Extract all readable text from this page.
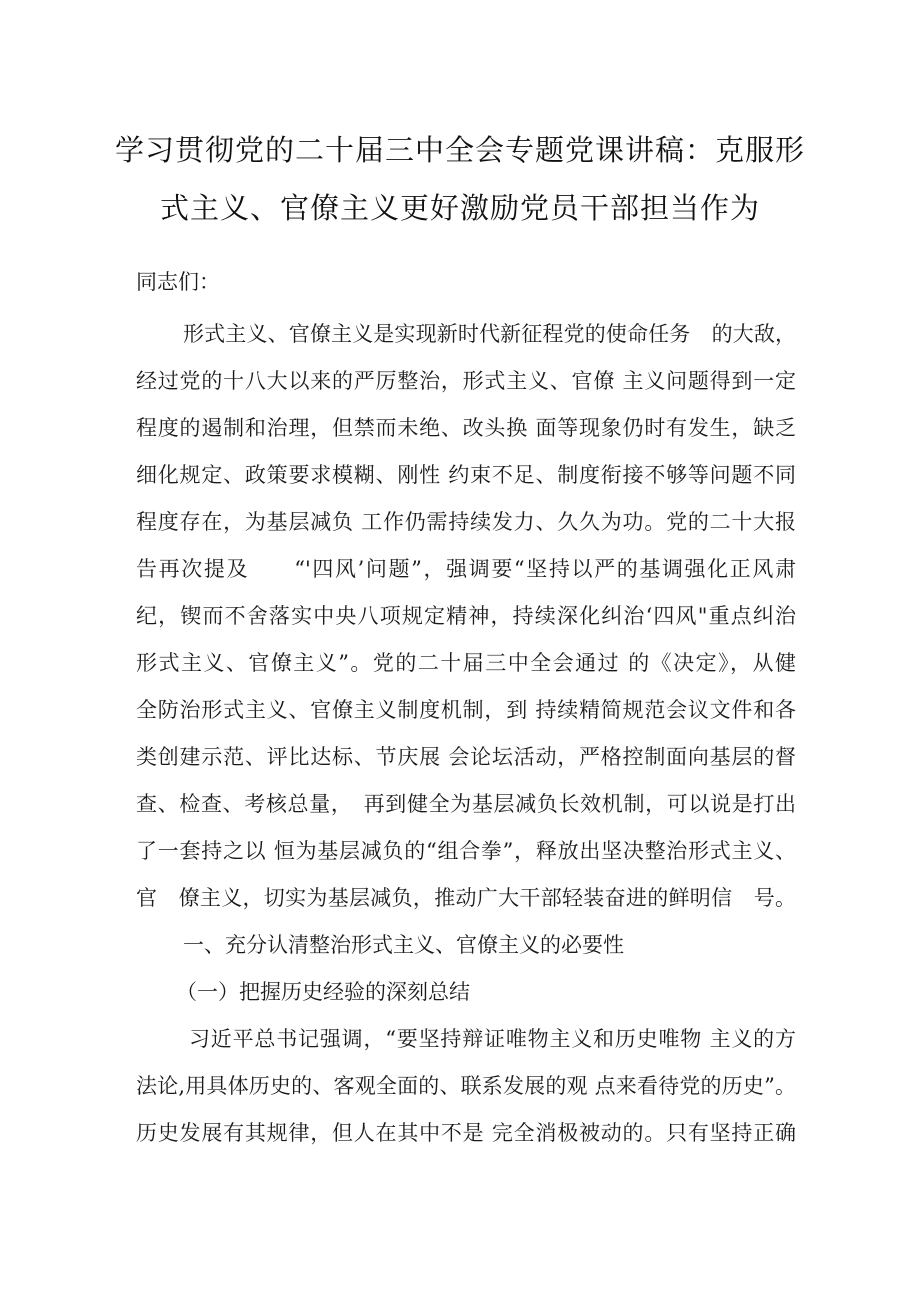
学习贯彻党的二十届三中全会专题党课讲稿：克服形
式主义、官僚主义更好激励党员干部担当作为
同志们：
形式主义、官僚主义是实现新时代新征程党的使命任务　的大敌，
经过党的十八大以来的严厉整治，形式主义、官僚 主义问题得到一定
程度的遏制和治理，但禁而未绝、改头换 面等现象仍时有发生，缺乏
细化规定、政策要求模糊、刚性 约束不足、制度衔接不够等问题不同
程度存在，为基层减负 工作仍需持续发力、久久为功。党的二十大报
告再次提及　　“'四风’问题”，强调要“坚持以严的基调强化正风肃
纪，锲而不舍落实中央八项规定精神，持续深化纠治‘四风"重点纠治
形式主义、官僚主义”。党的二十届三中全会通过 的《决定》，从健
全防治形式主义、官僚主义制度机制，到 持续精简规范会议文件和各
类创建示范、评比达标、节庆展 会论坛活动，严格控制面向基层的督
查、检查、考核总量，　再到健全为基层减负长效机制，可以说是打出
了一套持之以 恒为基层减负的“组合拳”，释放出坚决整治形式主义、
官　僚主义，切实为基层减负，推动广大干部轻装奋进的鲜明信　号。
一、充分认清整治形式主义、官僚主义的必要性
（一）把握历史经验的深刻总结
习近平总书记强调，“要坚持辩证唯物主义和历史唯物 主义的方
法论,用具体历史的、客观全面的、联系发展的观 点来看待党的历史”。
历史发展有其规律，但人在其中不是 完全消极被动的。只有坚持正确
